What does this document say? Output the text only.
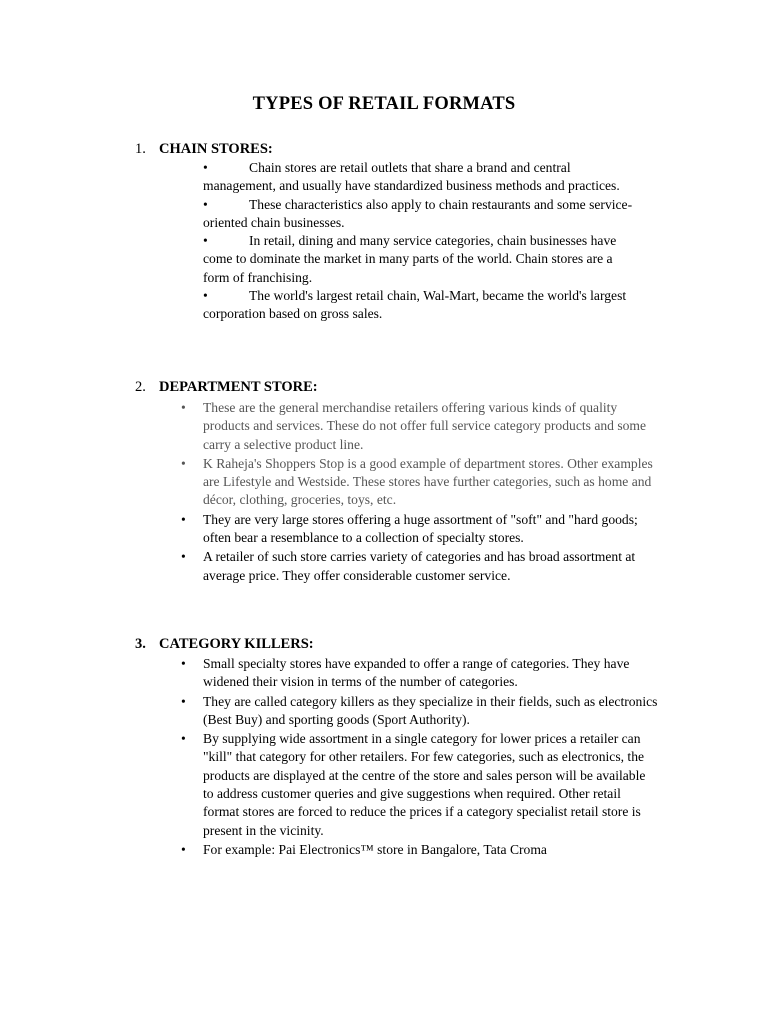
TYPES OF RETAIL FORMATS
1. CHAIN STORES:
•	Chain stores are retail outlets that share a brand and central management, and usually have standardized business methods and practices.
•	These characteristics also apply to chain restaurants and some service-oriented chain businesses.
•	In retail, dining and many service categories, chain businesses have come to dominate the market in many parts of the world. Chain stores are a form of franchising.
•	The world's largest retail chain, Wal-Mart, became the world's largest corporation based on gross sales.
2. DEPARTMENT STORE:
•	These are the general merchandise retailers offering various kinds of quality products and services. These do not offer full service category products and some carry a selective product line.
•	K Raheja's Shoppers Stop is a good example of department stores. Other examples are Lifestyle and Westside. These stores have further categories, such as home and décor, clothing, groceries, toys, etc.
•	They are very large stores offering a huge assortment of "soft" and "hard goods; often bear a resemblance to a collection of specialty stores.
•	A retailer of such store carries variety of categories and has broad assortment at average price. They offer considerable customer service.
3. CATEGORY KILLERS:
•	Small specialty stores have expanded to offer a range of categories. They have widened their vision in terms of the number of categories.
•	They are called category killers as they specialize in their fields, such as electronics (Best Buy) and sporting goods (Sport Authority).
•	By supplying wide assortment in a single category for lower prices a retailer can "kill" that category for other retailers. For few categories, such as electronics, the products are displayed at the centre of the store and sales person will be available to address customer queries and give suggestions when required. Other retail format stores are forced to reduce the prices if a category specialist retail store is present in the vicinity.
•	For example: Pai Electronics™ store in Bangalore, Tata Croma
